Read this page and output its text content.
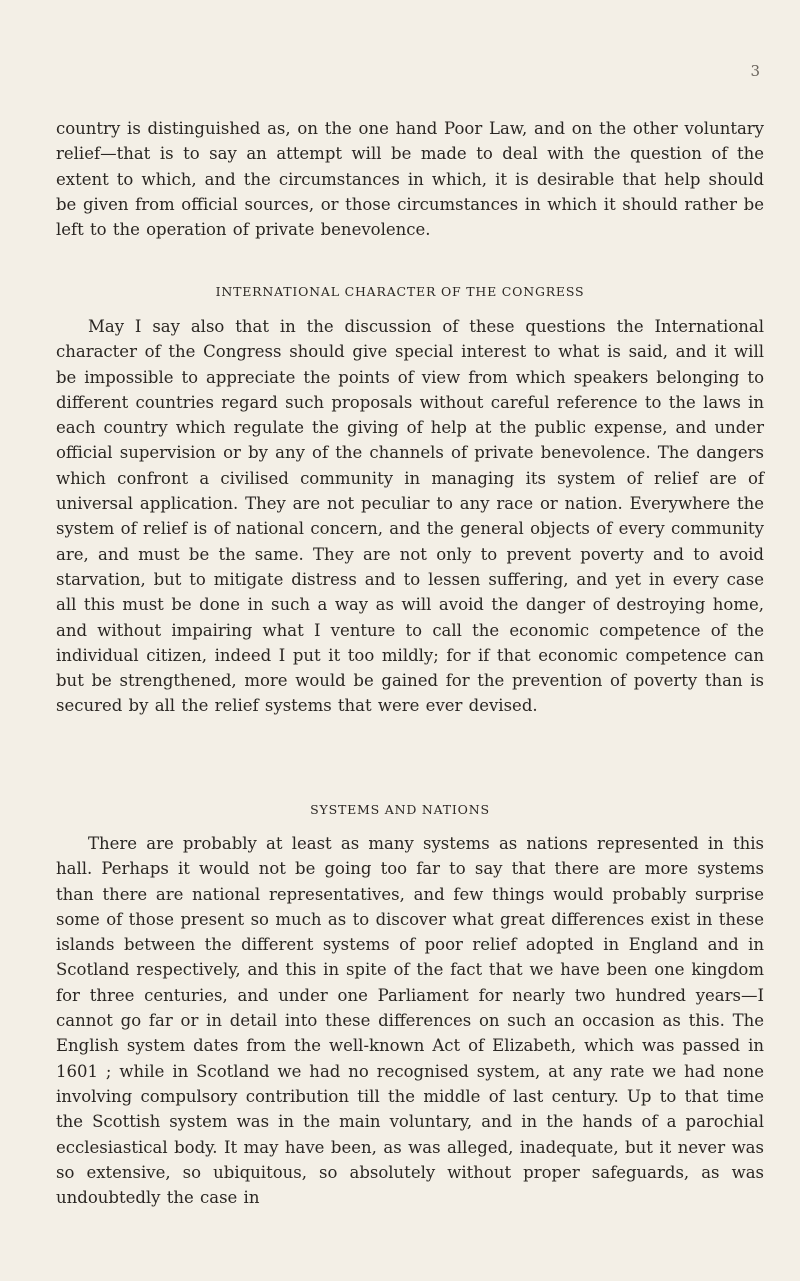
3

country is distinguished as, on the one hand Poor Law, and on the other voluntary relief—that is to say an attempt will be made to deal with the question of the extent to which, and the circumstances in which, it is desirable that help should be given from official sources, or those circumstances in which it should rather be left to the operation of private benevolence.

INTERNATIONAL CHARACTER OF THE CONGRESS

May I say also that in the discussion of these questions the International character of the Congress should give special interest to what is said, and it will be impossible to appreciate the points of view from which speakers belonging to different countries regard such proposals without careful reference to the laws in each country which regulate the giving of help at the public expense, and under official supervision or by any of the channels of private benevolence. The dangers which confront a civilised community in managing its system of relief are of universal application. They are not peculiar to any race or nation. Everywhere the system of relief is of national concern, and the general objects of every community are, and must be the same. They are not only to prevent poverty and to avoid starvation, but to mitigate distress and to lessen suffering, and yet in every case all this must be done in such a way as will avoid the danger of destroying home, and without impairing what I venture to call the economic competence of the individual citizen, indeed I put it too mildly; for if that economic competence can but be strengthened, more would be gained for the prevention of poverty than is secured by all the relief systems that were ever devised.

SYSTEMS AND NATIONS

There are probably at least as many systems as nations represented in this hall. Perhaps it would not be going too far to say that there are more systems than there are national representatives, and few things would probably surprise some of those present so much as to discover what great differences exist in these islands between the different systems of poor relief adopted in England and in Scotland respectively, and this in spite of the fact that we have been one kingdom for three centuries, and under one Parliament for nearly two hundred years—I cannot go far or in detail into these differences on such an occasion as this. The English system dates from the well-known Act of Elizabeth, which was passed in 1601 ; while in Scotland we had no recognised system, at any rate we had none involving compulsory contribution till the middle of last century. Up to that time the Scottish system was in the main voluntary, and in the hands of a parochial ecclesiastical body. It may have been, as was alleged, inadequate, but it never was so extensive, so ubiquitous, so absolutely without proper safeguards, as was undoubtedly the case in
